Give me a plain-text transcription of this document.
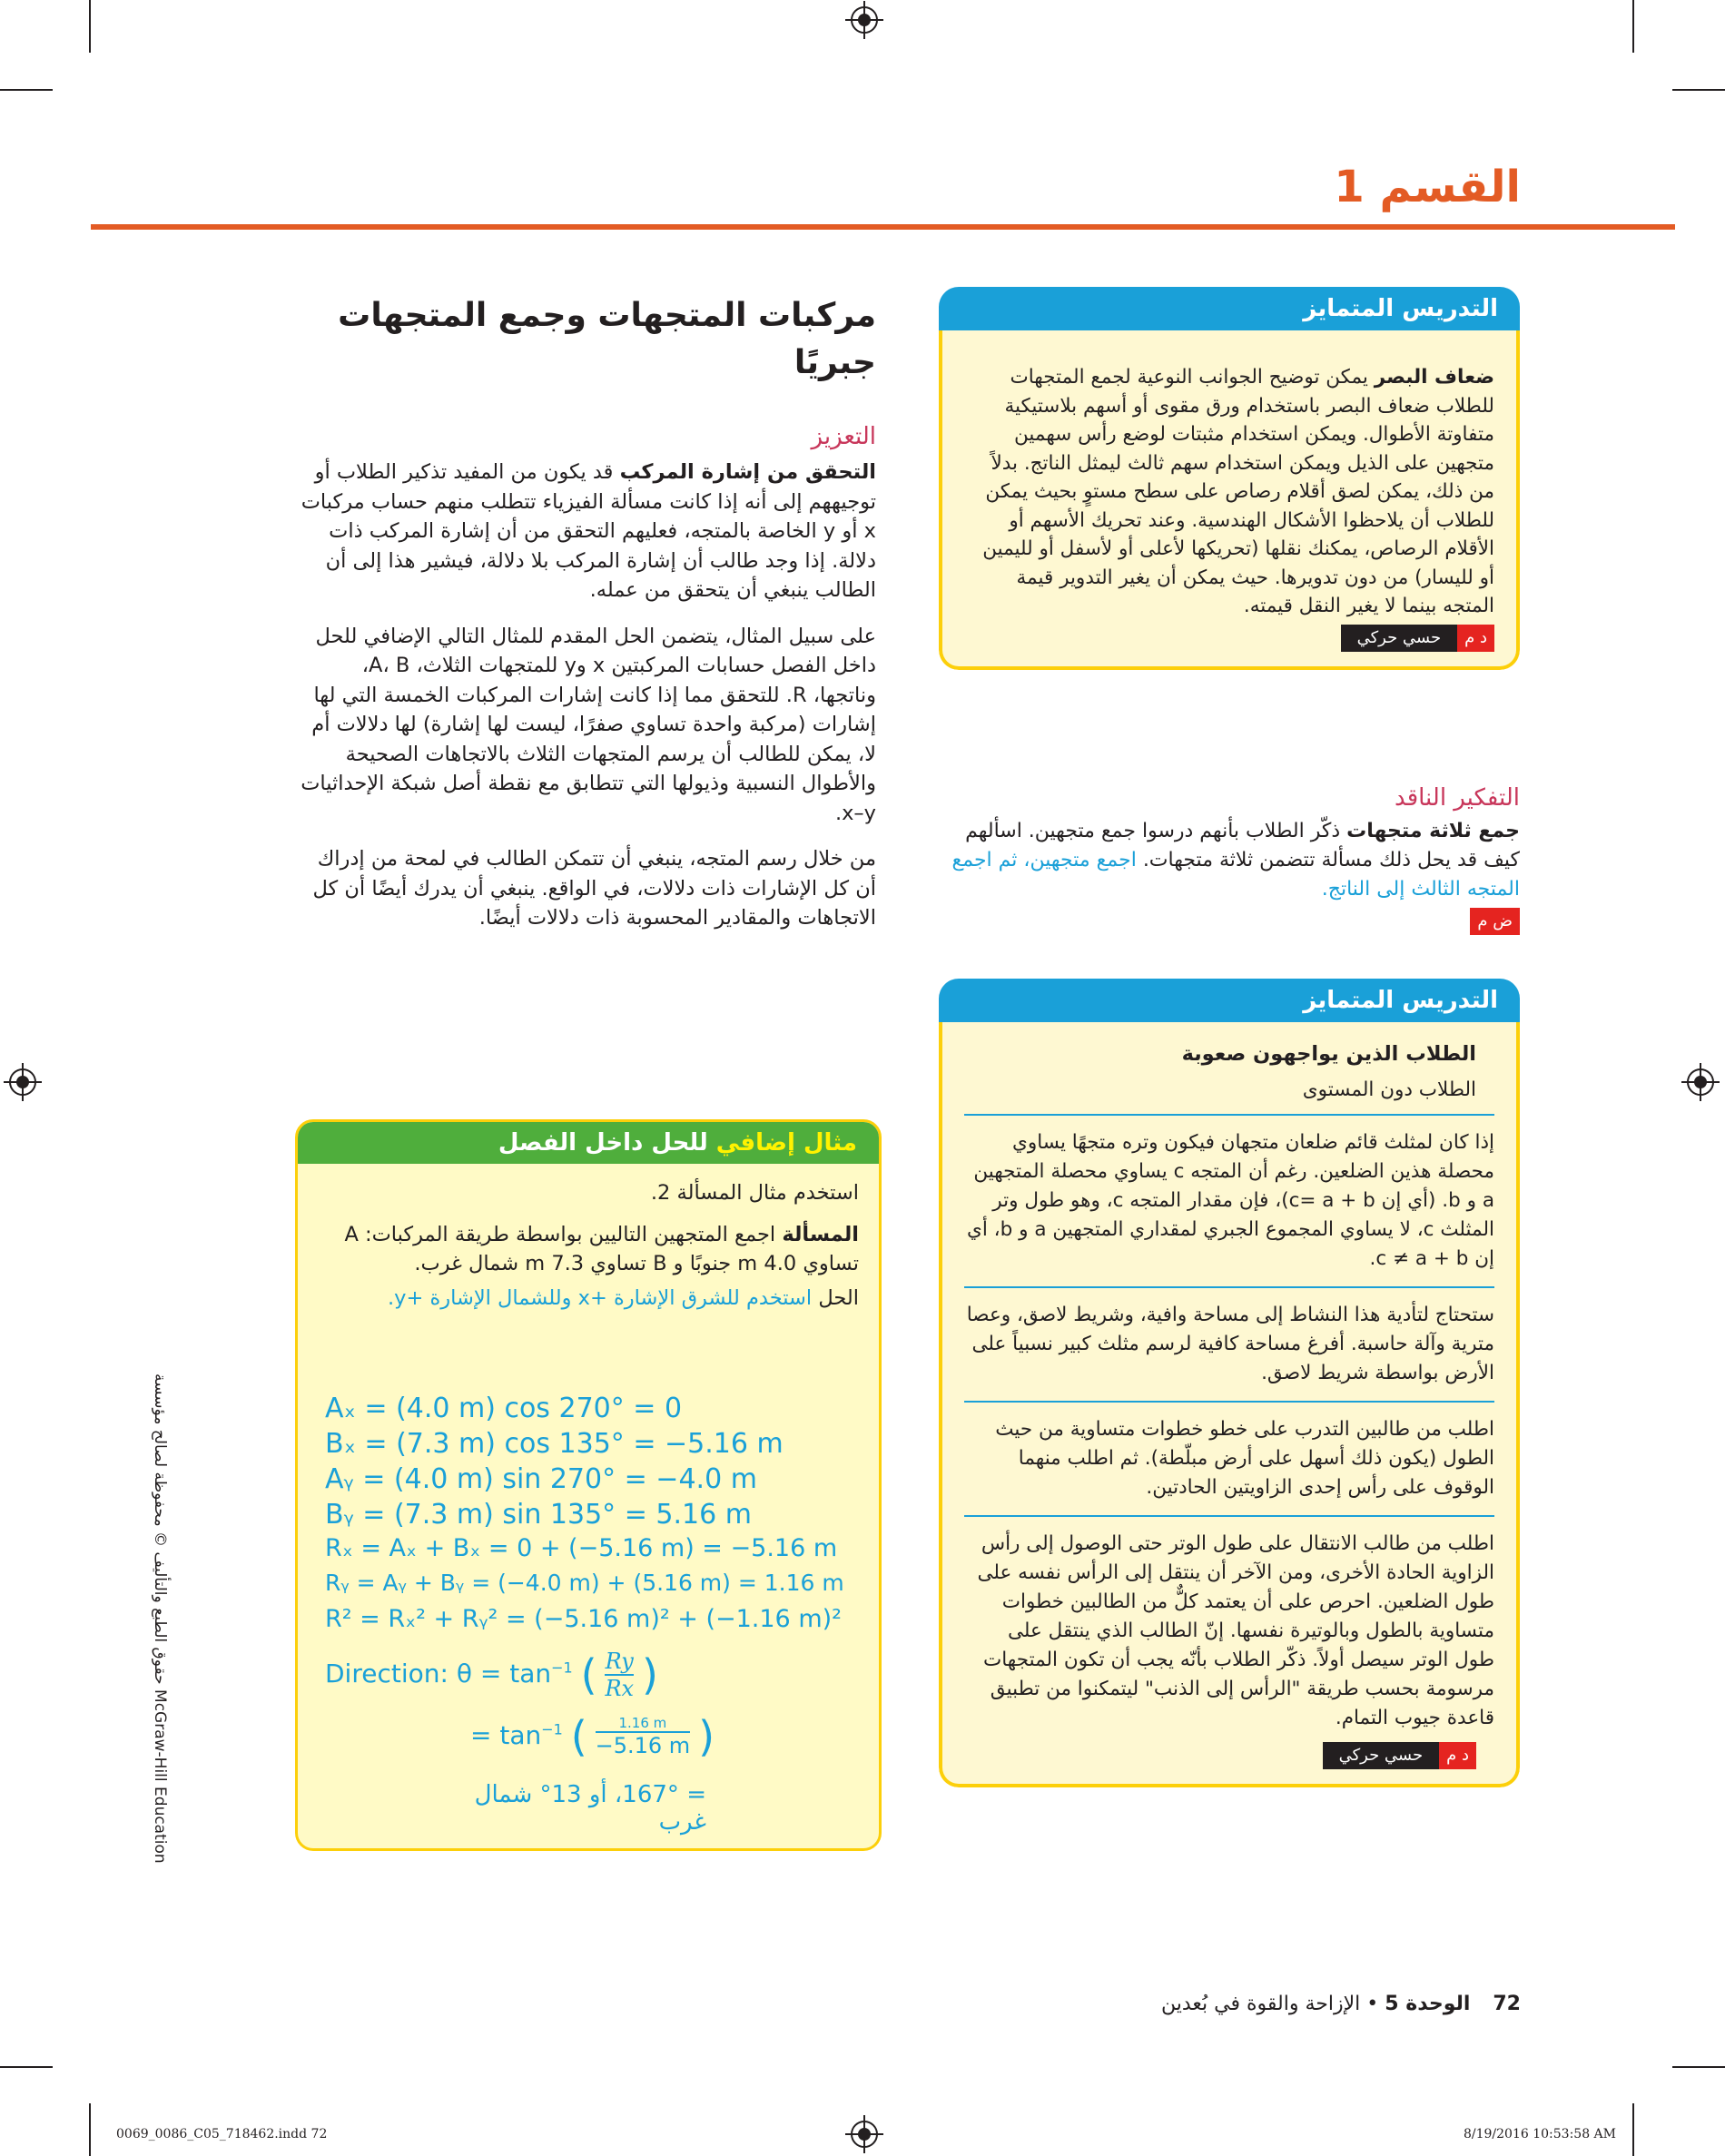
القسم 1
مركبات المتجهات وجمع المتجهات جبريًا
التعزيز

التحقق من إشارة المركب قد يكون من المفيد تذكير الطلاب أو توجيههم إلى أنه إذا كانت مسألة الفيزياء تتطلب منهم حساب مركبات x أو y الخاصة بالمتجه، فعليهم التحقق من أن إشارة المركب ذات دلالة. إذا وجد طالب أن إشارة المركب بلا دلالة، فيشير هذا إلى أن الطالب ينبغي أن يتحقق من عمله.

على سبيل المثال، يتضمن الحل المقدم للمثال التالي الإضافي للحل داخل الفصل حسابات المركبتين x وy للمتجهات الثلاث، A، B، وناتجها، R. للتحقق مما إذا كانت إشارات المركبات الخمسة التي لها إشارات (مركبة واحدة تساوي صفرًا، ليست لها إشارة) لها دلالات أم لا، يمكن للطالب أن يرسم المتجهات الثلاث بالاتجاهات الصحيحة والأطوال النسبية وذيولها التي تتطابق مع نقطة أصل شبكة الإحداثيات x–y.

من خلال رسم المتجه، ينبغي أن تتمكن الطالب في لمحة من إدراك أن كل الإشارات ذات دلالات، في الواقع. ينبغي أن يدرك أيضًا أن كل الاتجاهات والمقادير المحسوبة ذات دلالات أيضًا.

مثال إضافي للحل داخل الفصل
استخدم مثال المسألة 2.
المسألة اجمع المتجهين التاليين بواسطة طريقة المركبات: A تساوي 4.0 m جنوبًا و B تساوي 7.3 m شمال غرب.
الحل استخدم للشرق الإشارة +x وللشمال الإشارة +y.
Aₓ = (4.0 m) cos 270° = 0
Bₓ = (7.3 m) cos 135° = −5.16 m
Aᵧ = (4.0 m) sin 270° = −4.0 m
Bᵧ = (7.3 m) sin 135° = 5.16 m
Rₓ = Aₓ + Bₓ = 0 + (−5.16 m) = −5.16 m
Rᵧ = Aᵧ + Bᵧ = (−4.0 m) + (5.16 m) = 1.16 m
R² = Rₓ² + Rᵧ² = (−5.16 m)² + (−1.16 m)²
Direction: $\theta = \tan^{-1}$ ( $\frac{Ry}{Rx}$ )
= $\tan^{-1}$ (	1.16 m
−5.16 m )
= 167°، أو 13° شمال غرب
حقوق الطبع والتأليف © محفوظة لصالح مؤسسة McGraw-Hill Education
التدريس المتمايز

ضعاف البصر يمكن توضيح الجوانب النوعية لجمع المتجهات للطلاب ضعاف البصر باستخدام ورق مقوى أو أسهم بلاستيكية متفاوتة الأطوال. ويمكن استخدام مثبتات لوضع رأس سهمين متجهين على الذيل ويمكن استخدام سهم ثالث ليمثل الناتج. بدلاً من ذلك، يمكن لصق أقلام رصاص على سطح مستوٍ بحيث يمكن للطلاب أن يلاحظوا الأشكال الهندسية. وعند تحريك الأسهم أو الأقلام الرصاص، يمكنك نقلها (تحريكها لأعلى أو لأسفل أو لليمين أو لليسار) من دون تدويرها. حيث يمكن أن يغير التدوير قيمة المتجه بينما لا يغير النقل قيمته.

د محسي حركي
التفكير الناقد

جمع ثلاثة متجهات ذكّر الطلاب بأنهم درسوا جمع متجهين. اسألهم كيف قد يحل ذلك مسألة تتضمن ثلاثة متجهات. اجمع متجهين، ثم اجمع المتجه الثالث إلى الناتج.

ض م
التدريس المتمايز
الطلاب الذين يواجهون صعوبة
الطلاب دون المستوى

إذا كان لمثلث قائم ضلعان متجهان فيكون وتره متجهًا يساوي محصلة هذين الضلعين. رغم أن المتجه c يساوي محصلة المتجهين a و b. (أي إن c= a + b)، فإن مقدار المتجه c، وهو طول وتر المثلث c، لا يساوي المجموع الجبري لمقداري المتجهين a و b، أي إن c ≠ a + b.

ستحتاج لتأدية هذا النشاط إلى مساحة وافية، وشريط لاصق، وعصا مترية وآلة حاسبة. أفرغ مساحة كافية لرسم مثلث كبير نسبياً على الأرض بواسطة شريط لاصق.

اطلب من طالبين التدرب على خطو خطوات متساوية من حيث الطول (يكون ذلك أسهل على أرض مبلّطة). ثم اطلب منهما الوقوف على رأس إحدى الزاويتين الحادتين.

اطلب من طالب الانتقال على طول الوتر حتى الوصول إلى رأس الزاوية الحادة الأخرى، ومن الآخر أن ينتقل إلى الرأس نفسه على طول الضلعين. احرص على أن يعتمد كلٌّ من الطالبين خطوات متساوية بالطول وبالوتيرة نفسها. إنّ الطالب الذي ينتقل على طول الوتر سيصل أولاً. ذكّر الطلاب بأنّه يجب أن تكون المتجهات مرسومة بحسب طريقة "الرأس إلى الذنب" ليتمكنوا من تطبيق قاعدة جيوب التمام.

د محسي حركي
72 الوحدة 5 • الإزاحة والقوة في بُعدين
0069_0086_C05_718462.indd 72	8/19/2016 10:53:58 AM
